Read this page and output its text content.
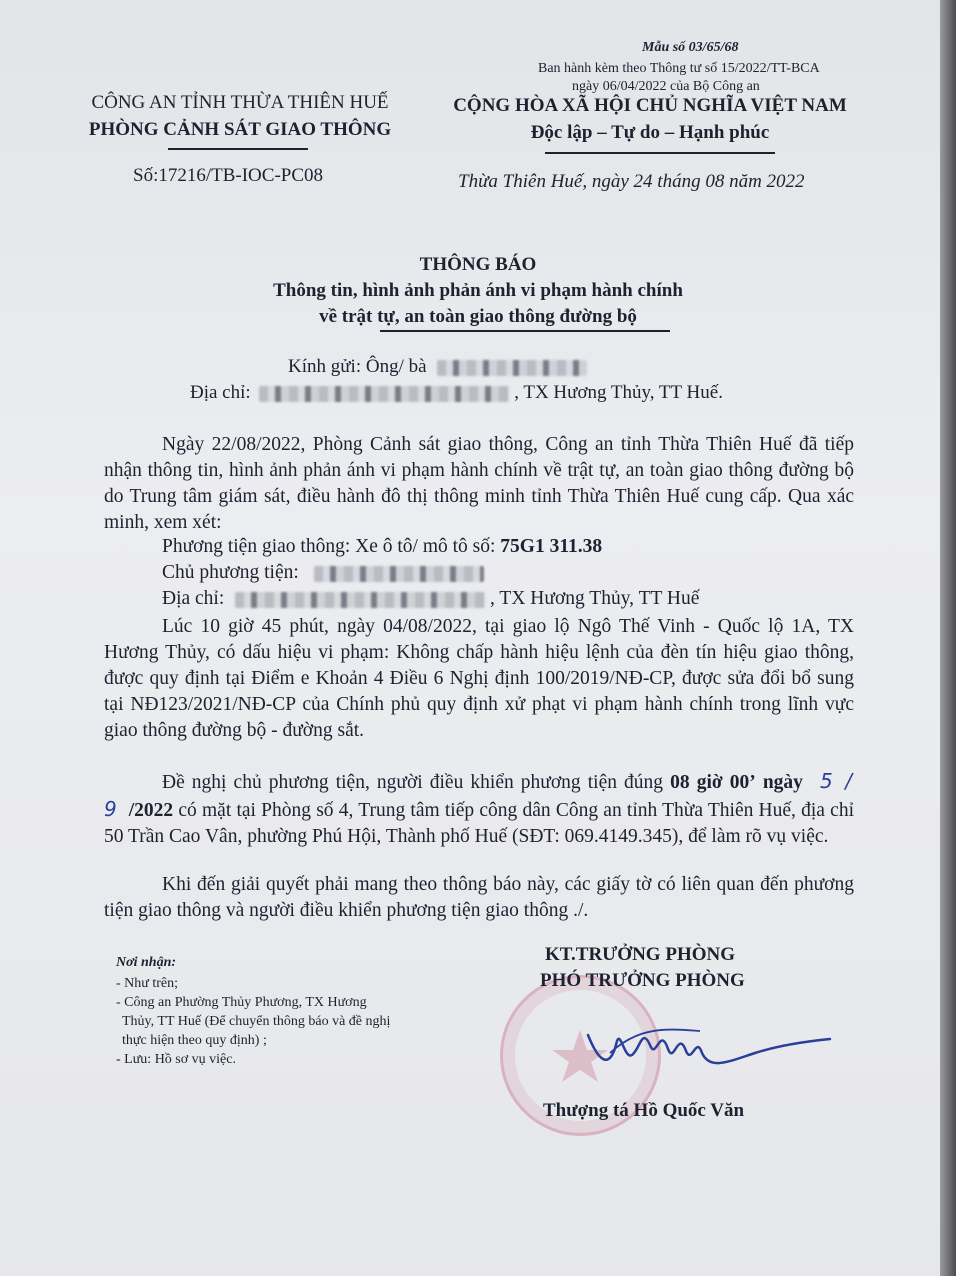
Mẫu số 03/65/68
Ban hành kèm theo Thông tư số 15/2022/TT-BCA
ngày 06/04/2022 của Bộ Công an
CÔNG AN TỈNH THỪA THIÊN HUẾ
PHÒNG CẢNH SÁT GIAO THÔNG
Số:17216/TB-IOC-PC08
CỘNG HÒA XÃ HỘI CHỦ NGHĨA VIỆT NAM
Độc lập – Tự do – Hạnh phúc
Thừa Thiên Huế, ngày 24 tháng 08 năm 2022
THÔNG BÁO
Thông tin, hình ảnh phản ánh vi phạm hành chính
về trật tự, an toàn giao thông đường bộ
Kính gửi: Ông/ bà
Địa chỉ:	, TX Hương Thủy, TT Huế.
Ngày 22/08/2022, Phòng Cảnh sát giao thông, Công an tỉnh Thừa Thiên Huế đã tiếp nhận thông tin, hình ảnh phản ánh vi phạm hành chính về trật tự, an toàn giao thông đường bộ do Trung tâm giám sát, điều hành đô thị thông minh tỉnh Thừa Thiên Huế cung cấp. Qua xác minh, xem xét:
Phương tiện giao thông: Xe ô tô/ mô tô số: 75G1 311.38
Chủ phương tiện:
Địa chỉ:	, TX Hương Thủy, TT Huế
Lúc 10 giờ 45 phút, ngày 04/08/2022, tại giao lộ Ngô Thế Vinh - Quốc lộ 1A, TX Hương Thủy, có dấu hiệu vi phạm: Không chấp hành hiệu lệnh của đèn tín hiệu giao thông, được quy định tại Điểm e Khoản 4 Điều 6 Nghị định 100/2019/NĐ-CP, được sửa đổi bổ sung tại NĐ123/2021/NĐ-CP của Chính phủ quy định xử phạt vi phạm hành chính trong lĩnh vực giao thông đường bộ - đường sắt.
Đề nghị chủ phương tiện, người điều khiển phương tiện đúng 08 giờ 00’ ngày 5 / 9 /2022 có mặt tại Phòng số 4, Trung tâm tiếp công dân Công an tỉnh Thừa Thiên Huế, địa chỉ 50 Trần Cao Vân, phường Phú Hội, Thành phố Huế (SĐT: 069.4149.345), để làm rõ vụ việc.
Khi đến giải quyết phải mang theo thông báo này, các giấy tờ có liên quan đến phương tiện giao thông và người điều khiển phương tiện giao thông ./.
Nơi nhận:
- Như trên;
- Công an Phường Thủy Phương, TX Hương
Thủy, TT Huế (Để chuyển thông báo và đề nghị
thực hiện theo quy định) ;
- Lưu: Hồ sơ vụ việc.
KT.TRƯỞNG PHÒNG
PHÓ TRƯỞNG PHÒNG
Thượng tá Hồ Quốc Văn
